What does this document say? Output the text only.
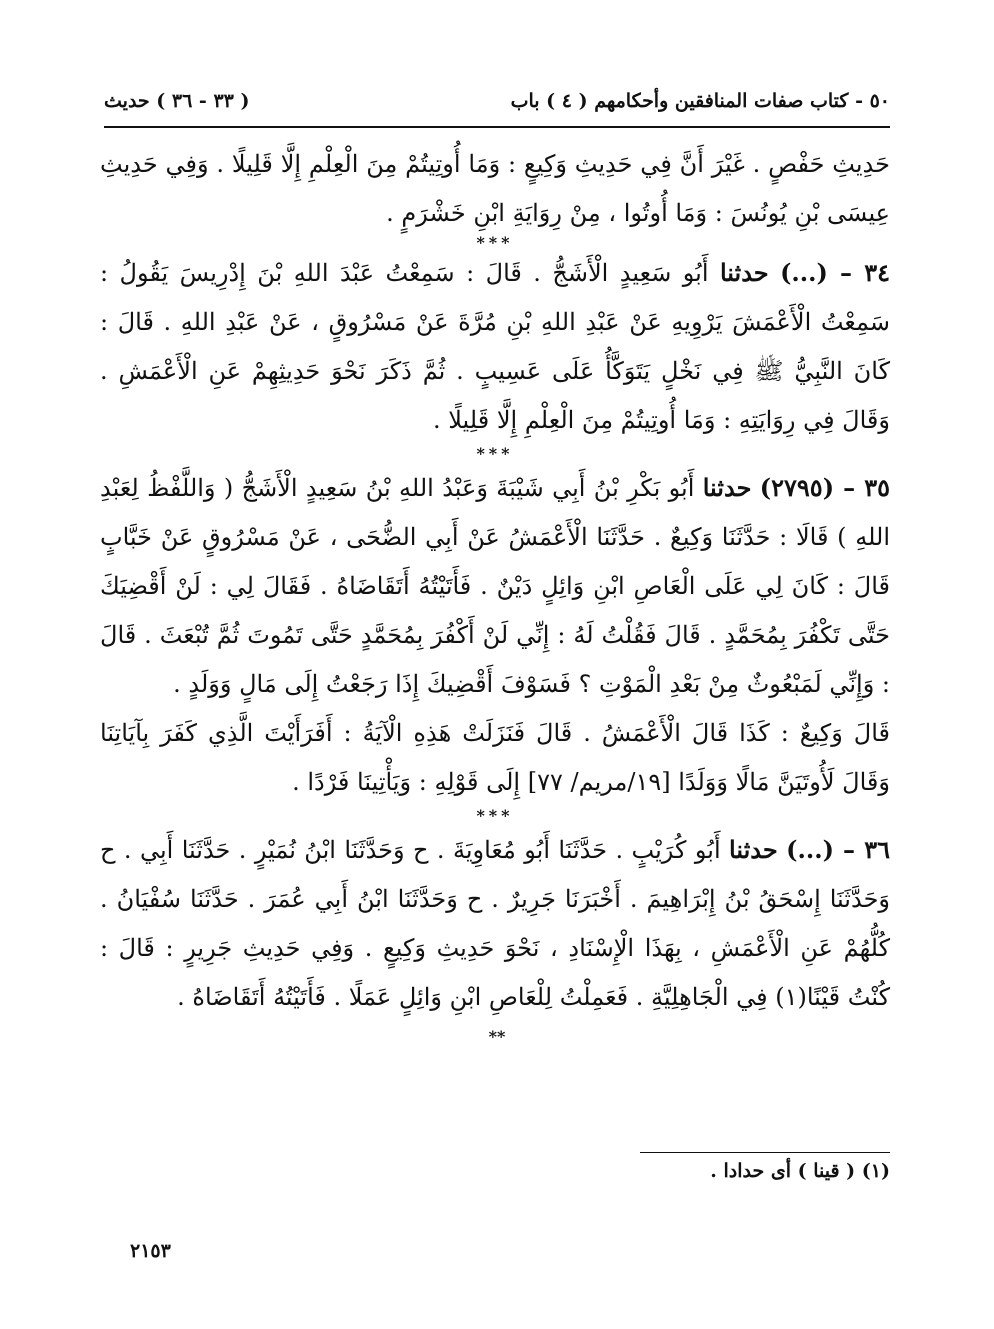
٥٠ - كتاب صفات المنافقين وأحكامهم ( ٤ ) باب
( ٣٣ - ٣٦ ) حديث

حَدِيثِ حَفْصٍ . غَيْرَ أَنَّ فِي حَدِيثِ وَكِيعٍ : وَمَا أُوتِيتُمْ مِنَ الْعِلْمِ إِلَّا قَلِيلًا . وَفِي حَدِيثِ عِيسَى بْنِ يُونُسَ : وَمَا أُوتُوا ، مِنْ رِوَايَةِ ابْنِ خَشْرَمٍ .

***

٣٤ – (...) حدثنا أَبُو سَعِيدٍ الْأَشَجُّ . قَالَ : سَمِعْتُ عَبْدَ اللهِ بْنَ إِدْرِيسَ يَقُولُ : سَمِعْتُ الْأَعْمَشَ يَرْوِيهِ عَنْ عَبْدِ اللهِ بْنِ مُرَّةَ عَنْ مَسْرُوقٍ ، عَنْ عَبْدِ اللهِ . قَالَ : كَانَ النَّبِيُّ ﷺ فِي نَخْلٍ يَتَوَكَّأُ عَلَى عَسِيبٍ . ثُمَّ ذَكَرَ نَحْوَ حَدِيثِهِمْ عَنِ الْأَعْمَشِ . وَقَالَ فِي رِوَايَتِهِ : وَمَا أُوتِيتُمْ مِنَ الْعِلْمِ إِلَّا قَلِيلًا .

***

٣٥ – (٢٧٩٥) حدثنا أَبُو بَكْرِ بْنُ أَبِي شَيْبَةَ وَعَبْدُ اللهِ بْنُ سَعِيدٍ الْأَشَجُّ ( وَاللَّفْظُ لِعَبْدِ اللهِ ) قَالَا : حَدَّثَنَا وَكِيعٌ . حَدَّثَنَا الْأَعْمَشُ عَنْ أَبِي الضُّحَى ، عَنْ مَسْرُوقٍ عَنْ خَبَّابٍ قَالَ : كَانَ لِي عَلَى الْعَاصِ ابْنِ وَائِلٍ دَيْنٌ . فَأَتَيْتُهُ أَتَقَاضَاهُ . فَقَالَ لِي : لَنْ أَقْضِيَكَ حَتَّى تَكْفُرَ بِمُحَمَّدٍ . قَالَ فَقُلْتُ لَهُ : إِنِّي لَنْ أَكْفُرَ بِمُحَمَّدٍ حَتَّى تَمُوتَ ثُمَّ تُبْعَثَ . قَالَ : وَإِنِّي لَمَبْعُوثٌ مِنْ بَعْدِ الْمَوْتِ ؟ فَسَوْفَ أَقْضِيكَ إِذَا رَجَعْتُ إِلَى مَالٍ وَوَلَدٍ .

قَالَ وَكِيعٌ : كَذَا قَالَ الْأَعْمَشُ . قَالَ فَنَزَلَتْ هَذِهِ الْآيَةُ : أَفَرَأَيْتَ الَّذِي كَفَرَ بِآيَاتِنَا وَقَالَ لَأُوتَيَنَّ مَالًا وَوَلَدًا [١٩/مريم/ ٧٧] إِلَى قَوْلِهِ : وَيَأْتِينَا فَرْدًا .

***

٣٦ – (...) حدثنا أَبُو كُرَيْبٍ . حَدَّثَنَا أَبُو مُعَاوِيَةَ . ح وَحَدَّثَنَا ابْنُ نُمَيْرٍ . حَدَّثَنَا أَبِي . ح وَحَدَّثَنَا إِسْحَقُ بْنُ إِبْرَاهِيمَ . أَخْبَرَنَا جَرِيرٌ . ح وَحَدَّثَنَا ابْنُ أَبِي عُمَرَ . حَدَّثَنَا سُفْيَانُ . كُلُّهُمْ عَنِ الْأَعْمَشِ ، بِهَذَا الْإِسْنَادِ ، نَحْوَ حَدِيثِ وَكِيعٍ . وَفِي حَدِيثِ جَرِيرٍ : قَالَ : كُنْتُ قَيْنًا(١) فِي الْجَاهِلِيَّةِ . فَعَمِلْتُ لِلْعَاصِ ابْنِ وَائِلٍ عَمَلًا . فَأَتَيْتُهُ أَتَقَاضَاهُ .

**
(١) ( قينا ) أى حدادا .
٢١٥٣
